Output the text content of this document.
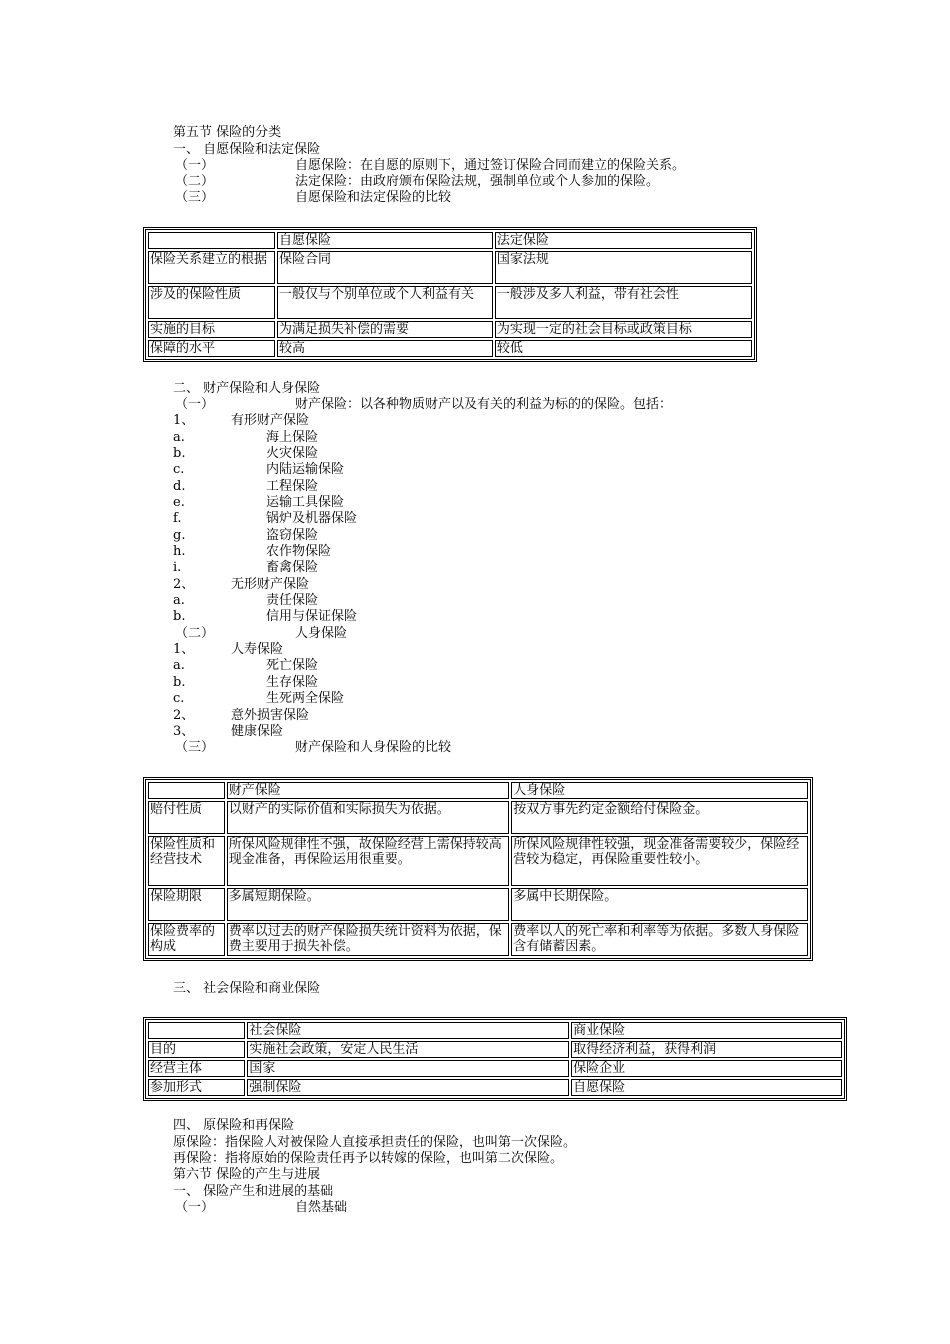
第五节 保险的分类
一、 自愿保险和法定保险
（一）	自愿保险：在自愿的原则下，通过签订保险合同而建立的保险关系。
（二）	法定保险：由政府颁布保险法规，强制单位或个人参加的保险。
（三）	自愿保险和法定保险的比较
	自愿保险	法定保险
保险关系建立的根据	保险合同	国家法规
涉及的保险性质	一般仅与个别单位或个人利益有关	一般涉及多人利益，带有社会性
实施的目标	为满足损失补偿的需要	为实现一定的社会目标或政策目标
保障的水平	较高	较低
二、 财产保险和人身保险
（一）	财产保险：以各种物质财产以及有关的利益为标的的保险。包括：
1、	有形财产保险
a.	海上保险
b.	火灾保险
c.	内陆运输保险
d.	工程保险
e.	运输工具保险
f.	锅炉及机器保险
g.	盗窃保险
h.	农作物保险
i.	畜禽保险
2、	无形财产保险
a.	责任保险
b.	信用与保证保险
（二）	人身保险
1、	人寿保险
a.	死亡保险
b.	生存保险
c.	生死两全保险
2、	意外损害保险
3、	健康保险
（三）	财产保险和人身保险的比较
	财产保险	人身保险
赔付性质	以财产的实际价值和实际损失为依据。	按双方事先约定金额给付保险金。
保险性质和经营技术	所保风险规律性不强，故保险经营上需保持较高现金准备，再保险运用很重要。	所保风险规律性较强，现金准备需要较少，保险经营较为稳定，再保险重要性较小。
保险期限	多属短期保险。	多属中长期保险。
保险费率的构成	费率以过去的财产保险损失统计资料为依据，保费主要用于损失补偿。	费率以人的死亡率和利率等为依据。多数人身保险含有储蓄因素。
三、 社会保险和商业保险
	社会保险	商业保险
目的	实施社会政策，安定人民生活	取得经济利益，获得利润
经营主体	国家	保险企业
参加形式	强制保险	自愿保险
四、 原保险和再保险
原保险：指保险人对被保险人直接承担责任的保险，也叫第一次保险。
再保险：指将原始的保险责任再予以转嫁的保险，也叫第二次保险。
第六节 保险的产生与进展
一、 保险产生和进展的基础
（一）	自然基础
